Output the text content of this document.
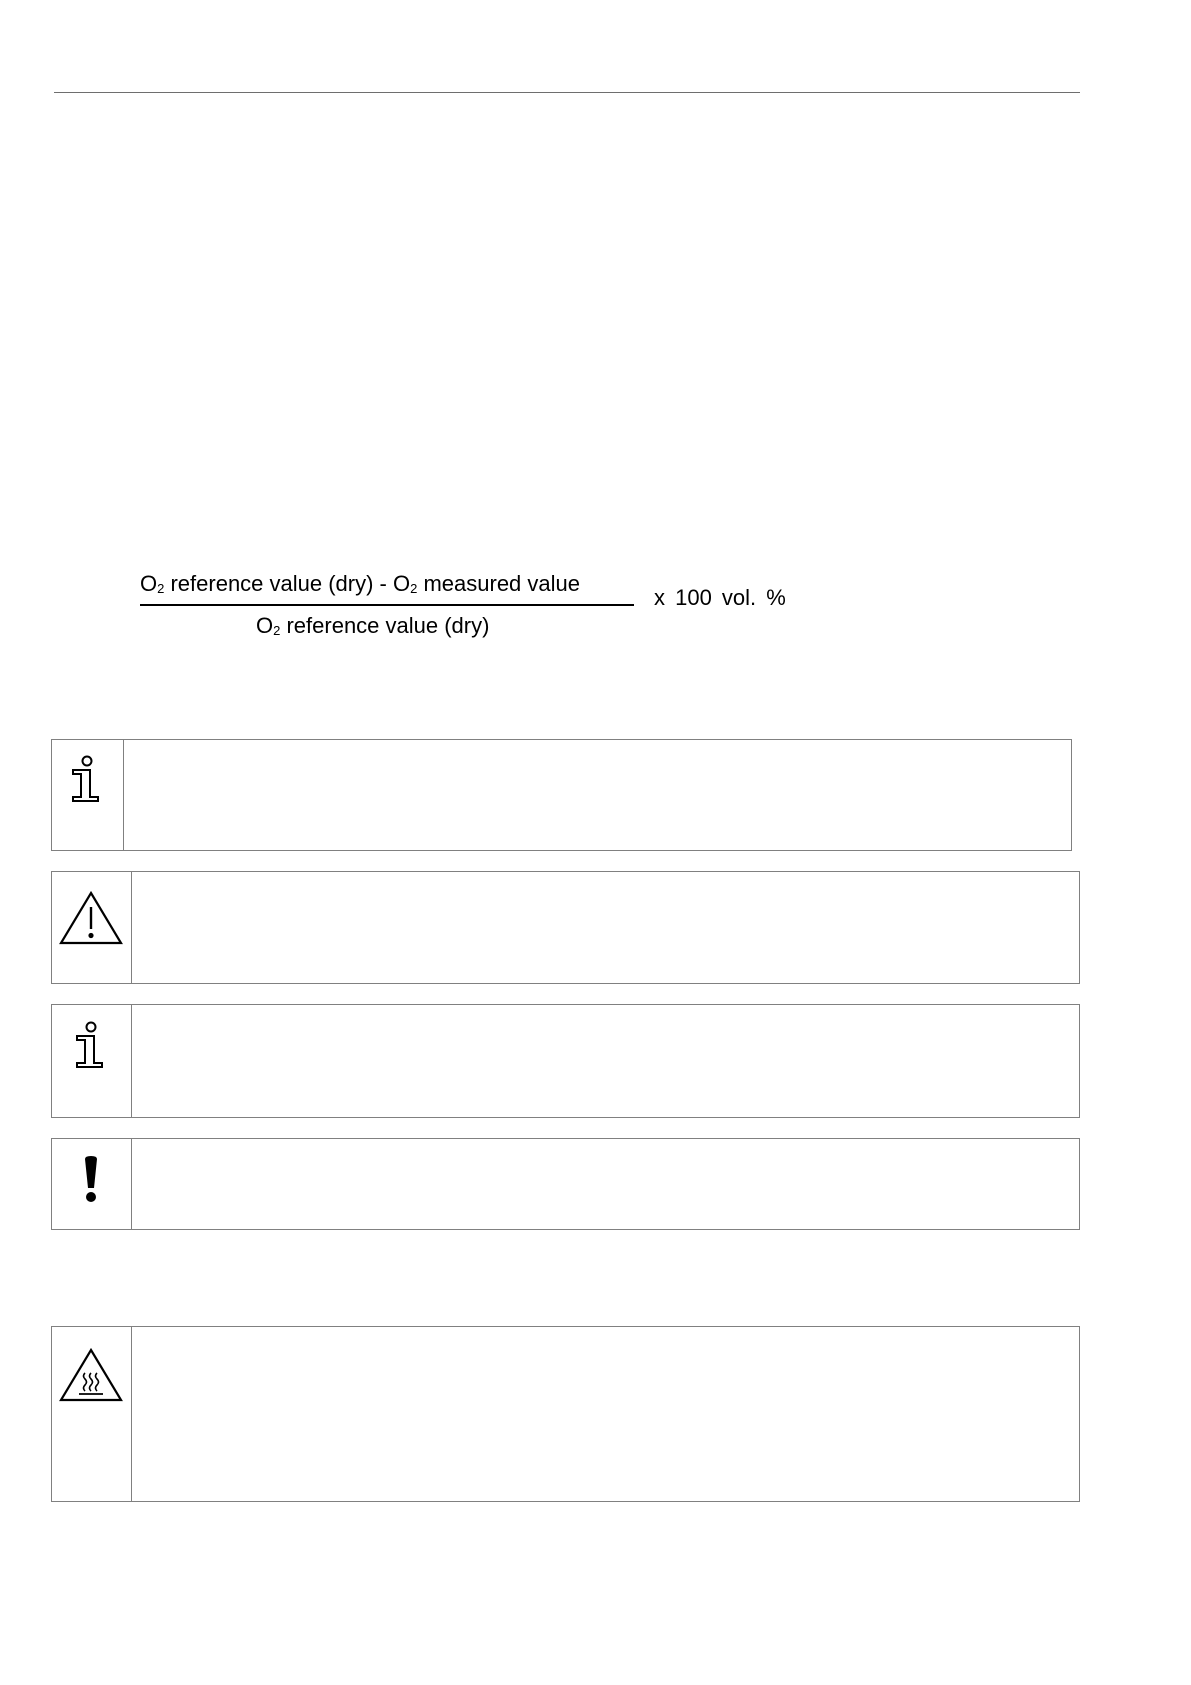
O2 reference value (dry) - O2 measured value
O2 reference value (dry)
x 100 vol. %
